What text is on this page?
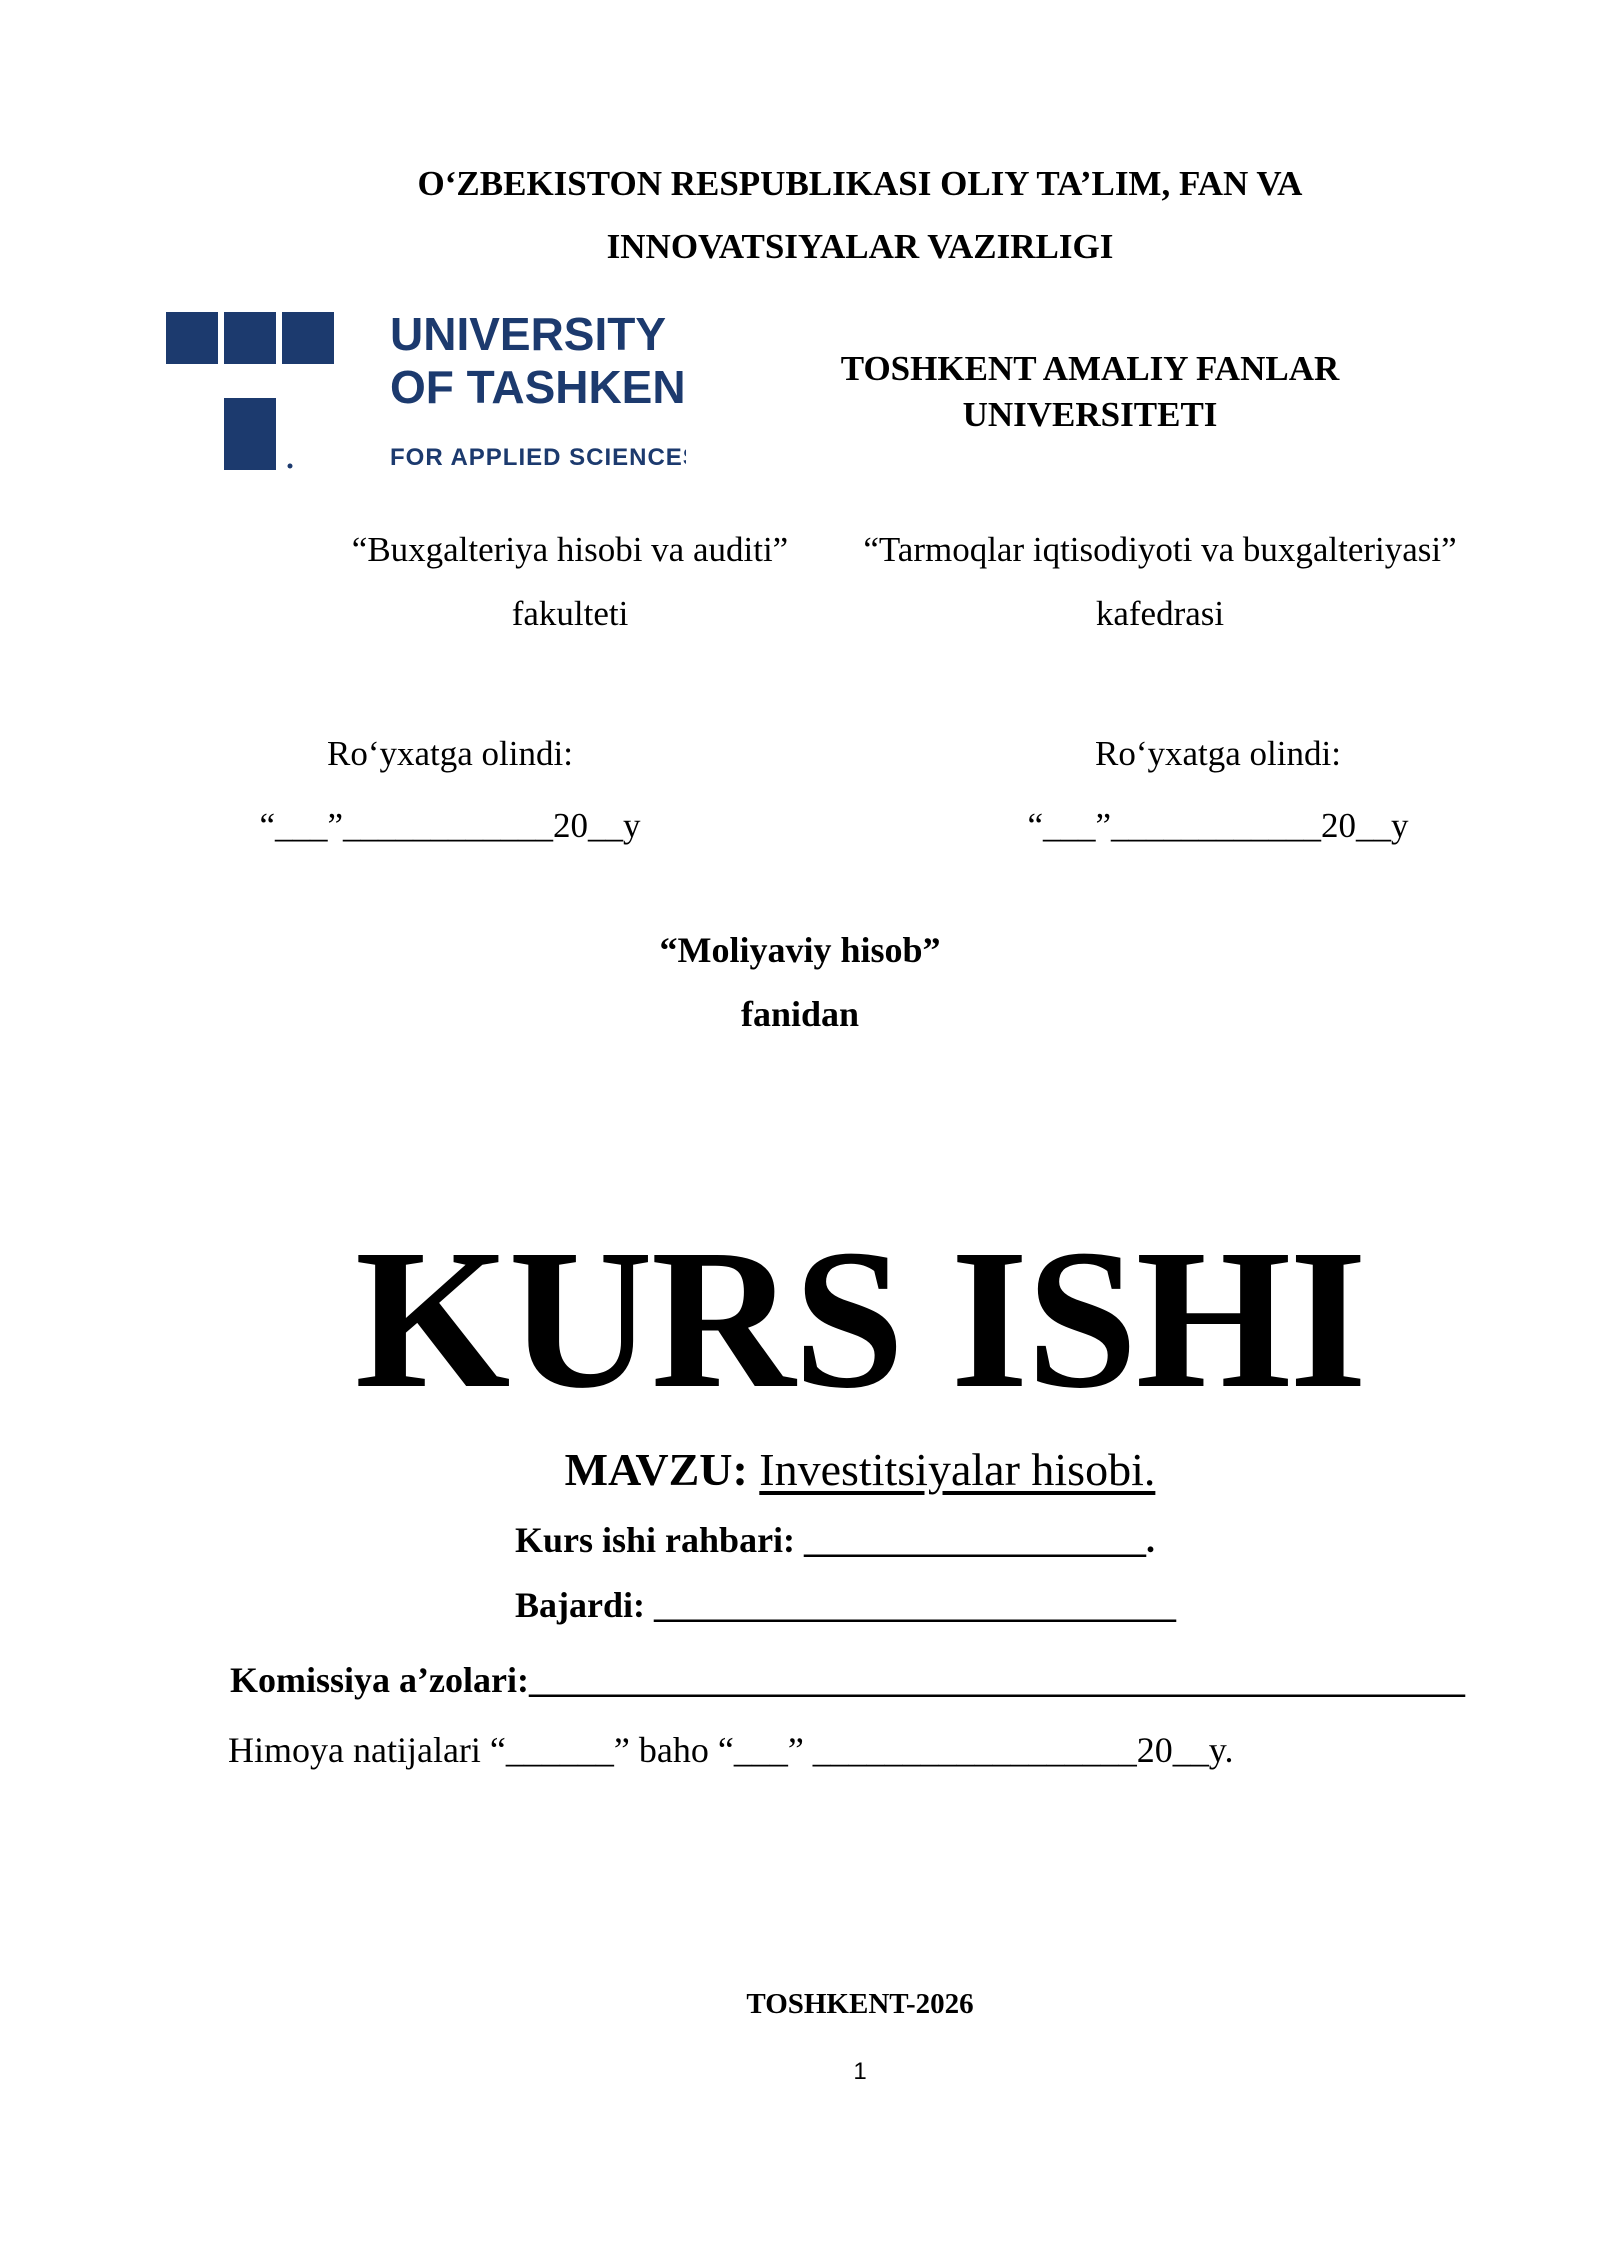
O‘ZBEKISTON RESPUBLIKASI OLIY TA’LIM, FAN VA
INNOVATSIYALAR VAZIRLIGI
UNIVERSITY
OF TASHKENT
FOR APPLIED SCIENCES
TOSHKENT AMALIY FANLAR
UNIVERSITETI
“Buxgalteriya hisobi va auditi”
fakulteti
“Tarmoqlar iqtisodiyoti va buxgalteriyasi”
kafedrasi
Ro‘yxatga olindi:
“___”____________20__y
Ro‘yxatga olindi:
“___”____________20__y
“Moliyaviy hisob”
fanidan
KURS ISHI
MAVZU: Investitsiyalar hisobi.
Kurs ishi rahbari: ___________________.
Bajardi: _____________________________
Komissiya a’zolari:____________________________________________________
Himoya natijalari “______” baho “___” __________________20__y.
TOSHKENT-2026
1
